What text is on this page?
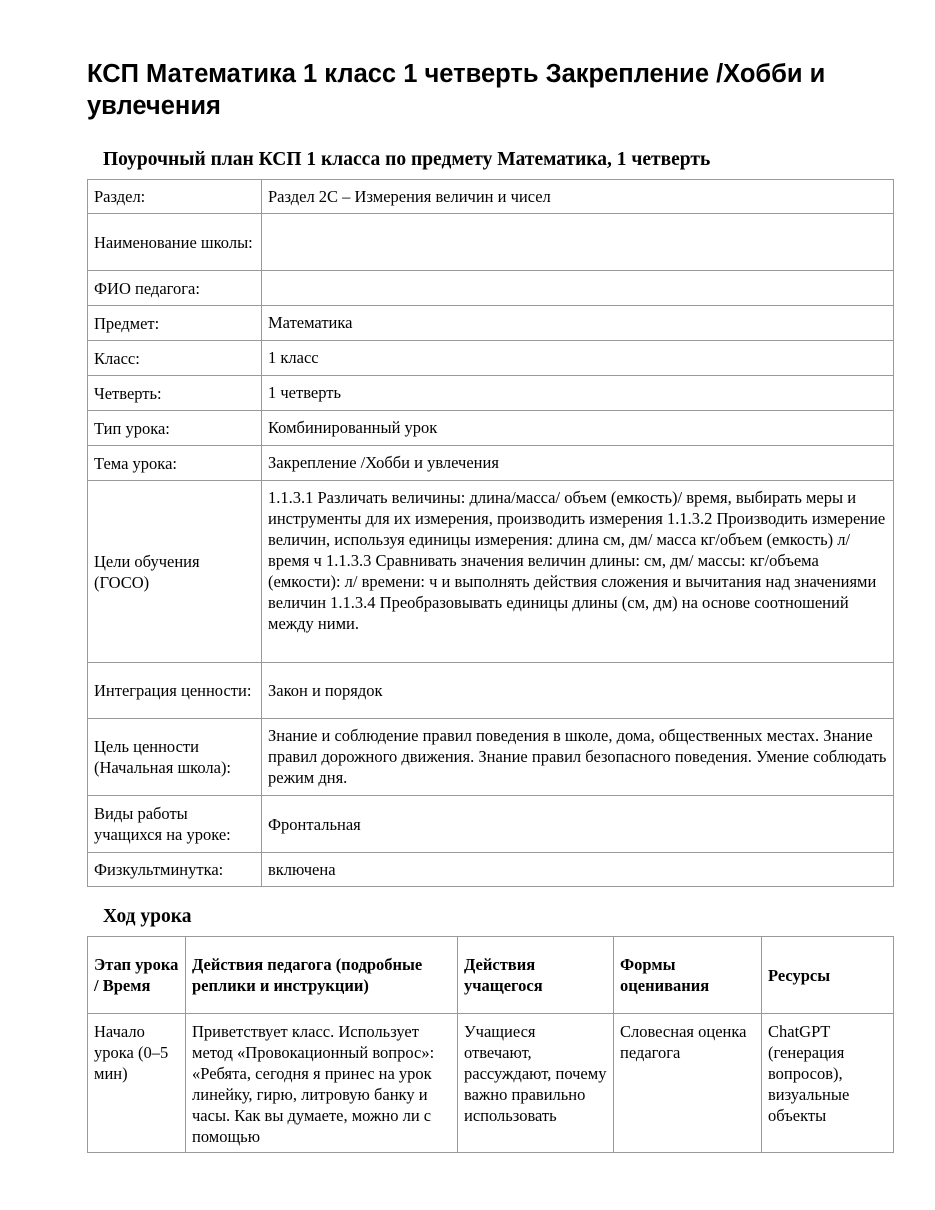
КСП Математика 1 класс 1 четверть Закрепление /Хобби и увлечения
Поурочный план КСП 1 класса по предмету Математика, 1 четверть
Раздел:	Раздел 2С – Измерения величин и чисел
Наименование школы:	
ФИО педагога:	
Предмет:	Математика
Класс:	1 класс
Четверть:	1 четверть
Тип урока:	Комбинированный урок
Тема урока:	Закрепление /Хобби и увлечения
Цели обучения (ГОСО)	1.1.3.1 Различать величины: длина/масса/ объем (емкость)/ время, выбирать меры и инструменты для их измерения, производить измерения 1.1.3.2 Производить измерение величин, используя единицы измерения: длина см, дм/ масса кг/объем (емкость) л/ время ч 1.1.3.3 Сравнивать значения величин длины: см, дм/ массы: кг/объема (емкости): л/ времени: ч и выполнять действия сложения и вычитания над значениями величин 1.1.3.4 Преобразовывать единицы длины (см, дм) на основе соотношений между ними.
Интеграция ценности:	Закон и порядок
Цель ценности (Начальная школа):	Знание и соблюдение правил поведения в школе, дома, общественных местах. Знание правил дорожного движения. Знание правил безопасного поведения. Умение соблюдать режим дня.
Виды работы учащихся на уроке:	Фронтальная
Физкультминутка:	включена
Ход урока
Этап урока / Время	Действия педагога (подробные реплики и инструкции)	Действия учащегося	Формы оценивания	Ресурсы
Начало урока (0–5 мин)	Приветствует класс. Использует метод «Провокационный вопрос»: «Ребята, сегодня я принес на урок линейку, гирю, литровую банку и часы. Как вы думаете, можно ли с помощью	Учащиеся отвечают, рассуждают, почему важно правильно использовать	Словесная оценка педагога	ChatGPT (генерация вопросов), визуальные объекты
